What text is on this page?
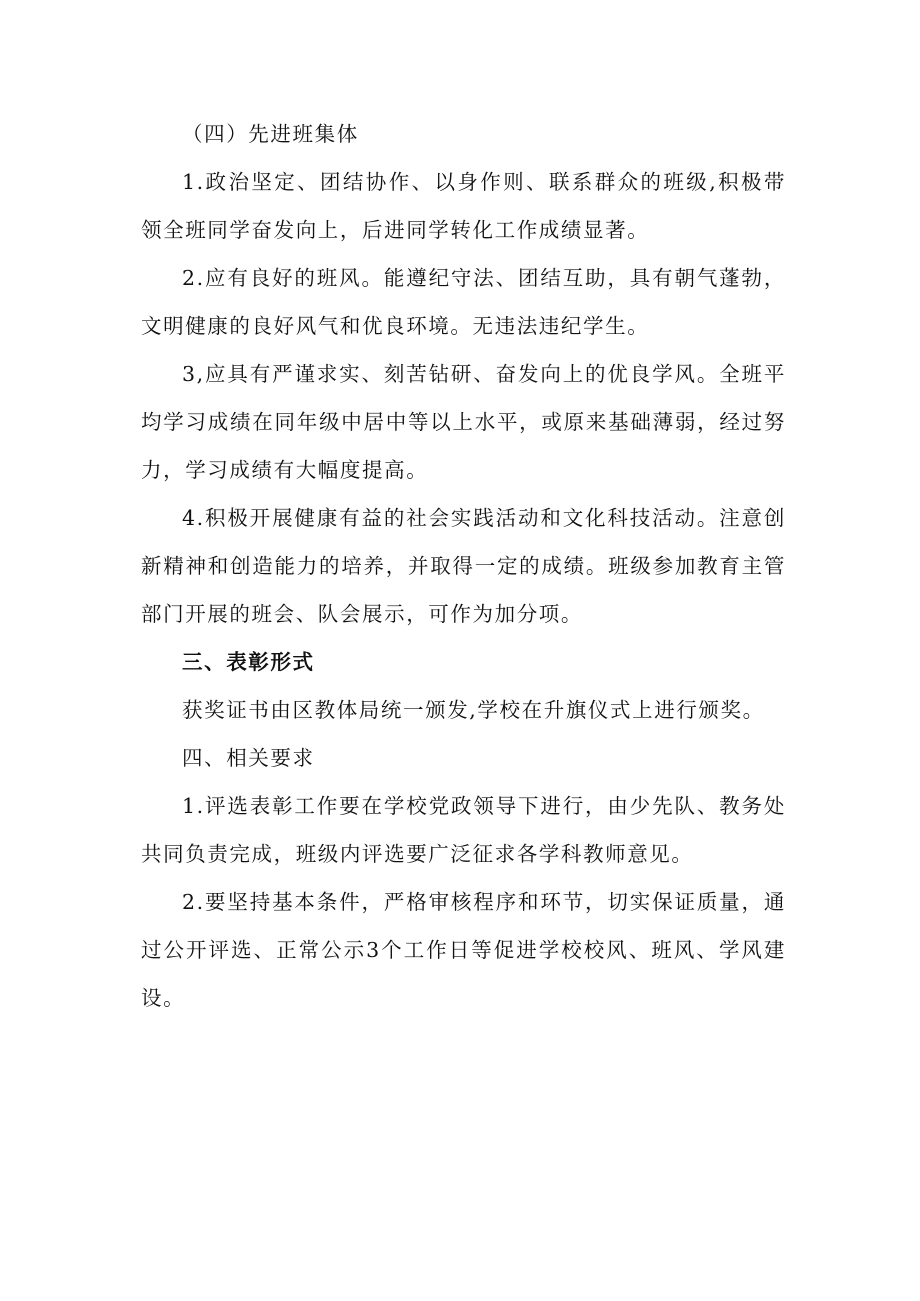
（四）先进班集体

1.政治坚定、团结协作、以身作则、联系群众的班级,积极带领全班同学奋发向上，后进同学转化工作成绩显著。

2.应有良好的班风。能遵纪守法、团结互助，具有朝气蓬勃，文明健康的良好风气和优良环境。无违法违纪学生。

3,应具有严谨求实、刻苦钻研、奋发向上的优良学风。全班平均学习成绩在同年级中居中等以上水平，或原来基础薄弱，经过努力，学习成绩有大幅度提高。

4.积极开展健康有益的社会实践活动和文化科技活动。注意创新精神和创造能力的培养，并取得一定的成绩。班级参加教育主管部门开展的班会、队会展示，可作为加分项。

三、表彰形式

获奖证书由区教体局统一颁发,学校在升旗仪式上进行颁奖。

四、相关要求

1.评选表彰工作要在学校党政领导下进行，由少先队、教务处共同负责完成，班级内评选要广泛征求各学科教师意见。

2.要坚持基本条件，严格审核程序和环节，切实保证质量，通过公开评选、正常公示3个工作日等促进学校校风、班风、学风建设。
